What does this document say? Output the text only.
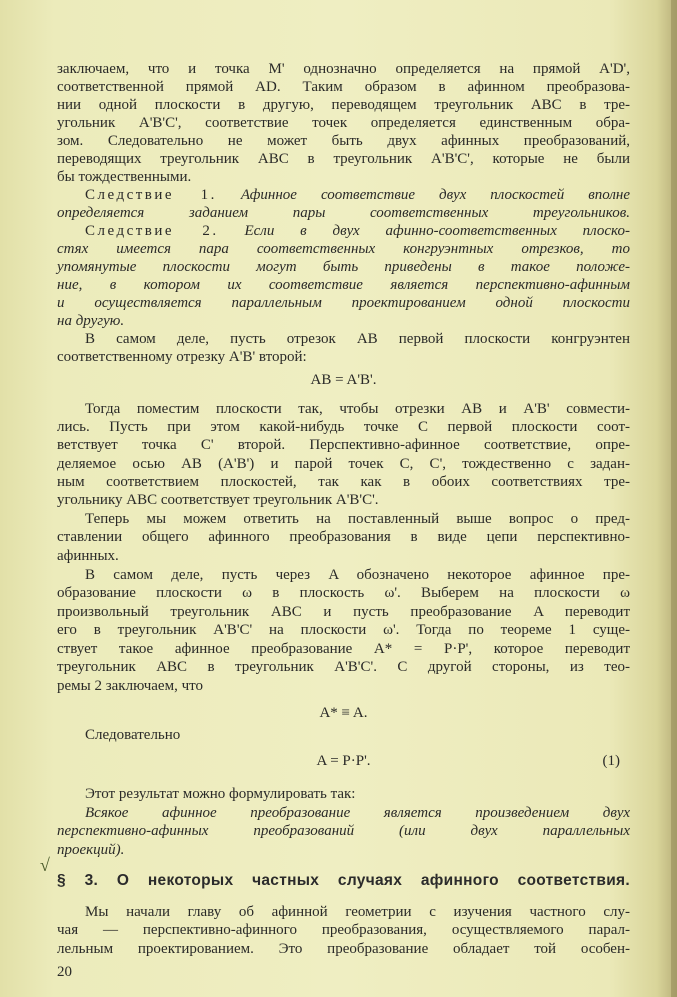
заключаем, что и точка M' однозначно определяется на прямой A'D',
соответственной прямой AD. Таким образом в афинном преобразова-
нии одной плоскости в другую, переводящем треугольник ABC в тре-
угольник A'B'C', соответствие точек определяется единственным обра-
зом. Следовательно не может быть двух афинных преобразований,
переводящих треугольник ABC в треугольник A'B'C', которые не были
бы тождественными.
Следствие 1. Афинное соответствие двух плоскостей вполне
определяется заданием пары соответственных треугольников.
Следствие 2. Если в двух афинно-соответственных плоско-
стях имеется пара соответственных конгруэнтных отрезков, то
упомянутые плоскости могут быть приведены в такое положе-
ние, в котором их соответствие является перспективно-афинным
и осуществляется параллельным проектированием одной плоскости
на другую.
В самом деле, пусть отрезок AB первой плоскости конгруэнтен
соответственному отрезку A'B' второй:
AB = A'B'.
Тогда поместим плоскости так, чтобы отрезки AB и A'B' совмести-
лись. Пусть при этом какой-нибудь точке C первой плоскости соот-
ветствует точка C' второй. Перспективно-афинное соответствие, опре-
деляемое осью AB (A'B') и парой точек C, C', тождественно с задан-
ным соответствием плоскостей, так как в обоих соответствиях тре-
угольнику ABC соответствует треугольник A'B'C'.
Теперь мы можем ответить на поставленный выше вопрос о пред-
ставлении общего афинного преобразования в виде цепи перспективно-
афинных.
В самом деле, пусть через A обозначено некоторое афинное пре-
образование плоскости ω в плоскость ω'. Выберем на плоскости ω
произвольный треугольник ABC и пусть преобразование A переводит
его в треугольник A'B'C' на плоскости ω'. Тогда по теореме 1 суще-
ствует такое афинное преобразование A* = P·P', которое переводит
треугольник ABC в треугольник A'B'C'. С другой стороны, из тео-
ремы 2 заключаем, что
A* ≡ A.
Следовательно
A = P·P'.
Этот результат можно формулировать так:
Всякое афинное преобразование является произведением двух
перспективно-афинных преобразований (или двух параллельных
проекций).
§ 3. О некоторых частных случаях афинного соответствия.
Мы начали главу об афинной геометрии с изучения частного слу-
чая — перспективно-афинного преобразования, осуществляемого парал-
лельным проектированием. Это преобразование обладает той особен-
(1)
20
√
